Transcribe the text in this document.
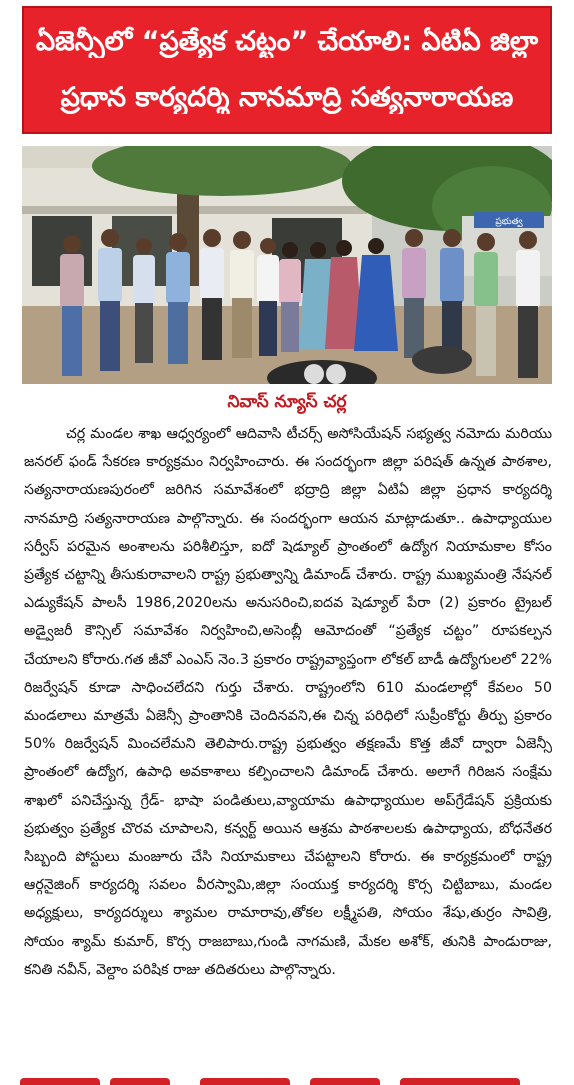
ఏజెన్సీలో “ప్రత్యేక చట్టం” చేయాలి: ఏటిఏ జిల్లా
ప్రధాన కార్యదర్శి నానమాద్రి సత్యనారాయణ
ప్రభుత్వ
నివాస్ న్యూస్ చర్ల
చర్ల మండల శాఖ ఆధ్వర్యంలో ఆదివాసి టీచర్స్ అసోసియేషన్ సభ్యత్వ నమోదు మరియు జనరల్ ఫండ్ సేకరణ కార్యక్రమం నిర్వహించారు. ఈ సందర్భంగా జిల్లా పరిషత్ ఉన్నత పాఠశాల, సత్యనారాయణపురంలో జరిగిన సమావేశంలో భద్రాద్రి జిల్లా ఏటిఏ జిల్లా ప్రధాన కార్యదర్శి నానమాద్రి సత్యనారాయణ పాల్గొన్నారు. ఈ సందర్భంగా ఆయన మాట్లాడుతూ.. ఉపాధ్యాయుల సర్వీస్ పరమైన అంశాలను పరిశీలిస్తూ, ఐదో షెడ్యూల్ ప్రాంతంలో ఉద్యోగ నియామకాల కోసం ప్రత్యేక చట్టాన్ని తీసుకురావాలని రాష్ట్ర ప్రభుత్వాన్ని డిమాండ్ చేశారు. రాష్ట్ర ముఖ్యమంత్రి నేషనల్ ఎడ్యుకేషన్ పాలసీ 1986,2020లను అనుసరించి,ఐదవ షెడ్యూల్ పేరా (2) ప్రకారం ట్రైబల్ అడ్వైజరీ కౌన్సిల్ సమావేశం నిర్వహించి,అసెంబ్లీ ఆమోదంతో “ప్రత్యేక చట్టం” రూపకల్పన చేయాలని కోరారు.గత జీవో ఎంఎస్ నెం.3 ప్రకారం రాష్ట్రవ్యాప్తంగా లోకల్ బాడీ ఉద్యోగులలో 22% రిజర్వేషన్ కూడా సాధించలేదని గుర్తు చేశారు. రాష్ట్రంలోని 610 మండలాల్లో కేవలం 50 మండలాలు మాత్రమే ఏజెన్సీ ప్రాంతానికి చెందినవని,ఈ చిన్న పరిధిలో సుప్రీంకోర్టు తీర్పు ప్రకారం 50% రిజర్వేషన్ మించలేమని తెలిపారు.రాష్ట్ర ప్రభుత్వం తక్షణమే కొత్త జీవో ద్వారా ఏజెన్సీ ప్రాంతంలో ఉద్యోగ, ఉపాధి అవకాశాలు కల్పించాలని డిమాండ్ చేశారు. అలాగే గిరిజన సంక్షేమ శాఖలో పనిచేస్తున్న గ్రేడ్- భాషా పండితులు,వ్యాయామ ఉపాధ్యాయుల అప్‌గ్రేడేషన్ ప్రక్రియకు ప్రభుత్వం ప్రత్యేక చొరవ చూపాలని, కన్వర్ట్ అయిన ఆశ్రమ పాఠశాలలకు ఉపాధ్యాయ, బోధనేతర సిబ్బంది పోస్టులు మంజూరు చేసి నియామకాలు చేపట్టాలని కోరారు. ఈ కార్యక్రమంలో రాష్ట్ర ఆర్గనైజింగ్ కార్యదర్శి సవలం వీరస్వామి,జిల్లా సంయుక్త కార్యదర్శి కొర్స చిట్టిబాబు, మండల అధ్యక్షులు, కార్యదర్శులు శ్యామల రామారావు,తోకల లక్ష్మీపతి, సోయం శేషు,తుర్రం సావిత్రి, సోయం శ్యామ్ కుమార్, కొర్స రాజబాబు,గుండి నాగమణి, మేకల అశోక్, తునికి పాండురాజు, కనితి నవీన్, వెల్దాం పరిషిక రాజు తదితరులు పాల్గొన్నారు.
